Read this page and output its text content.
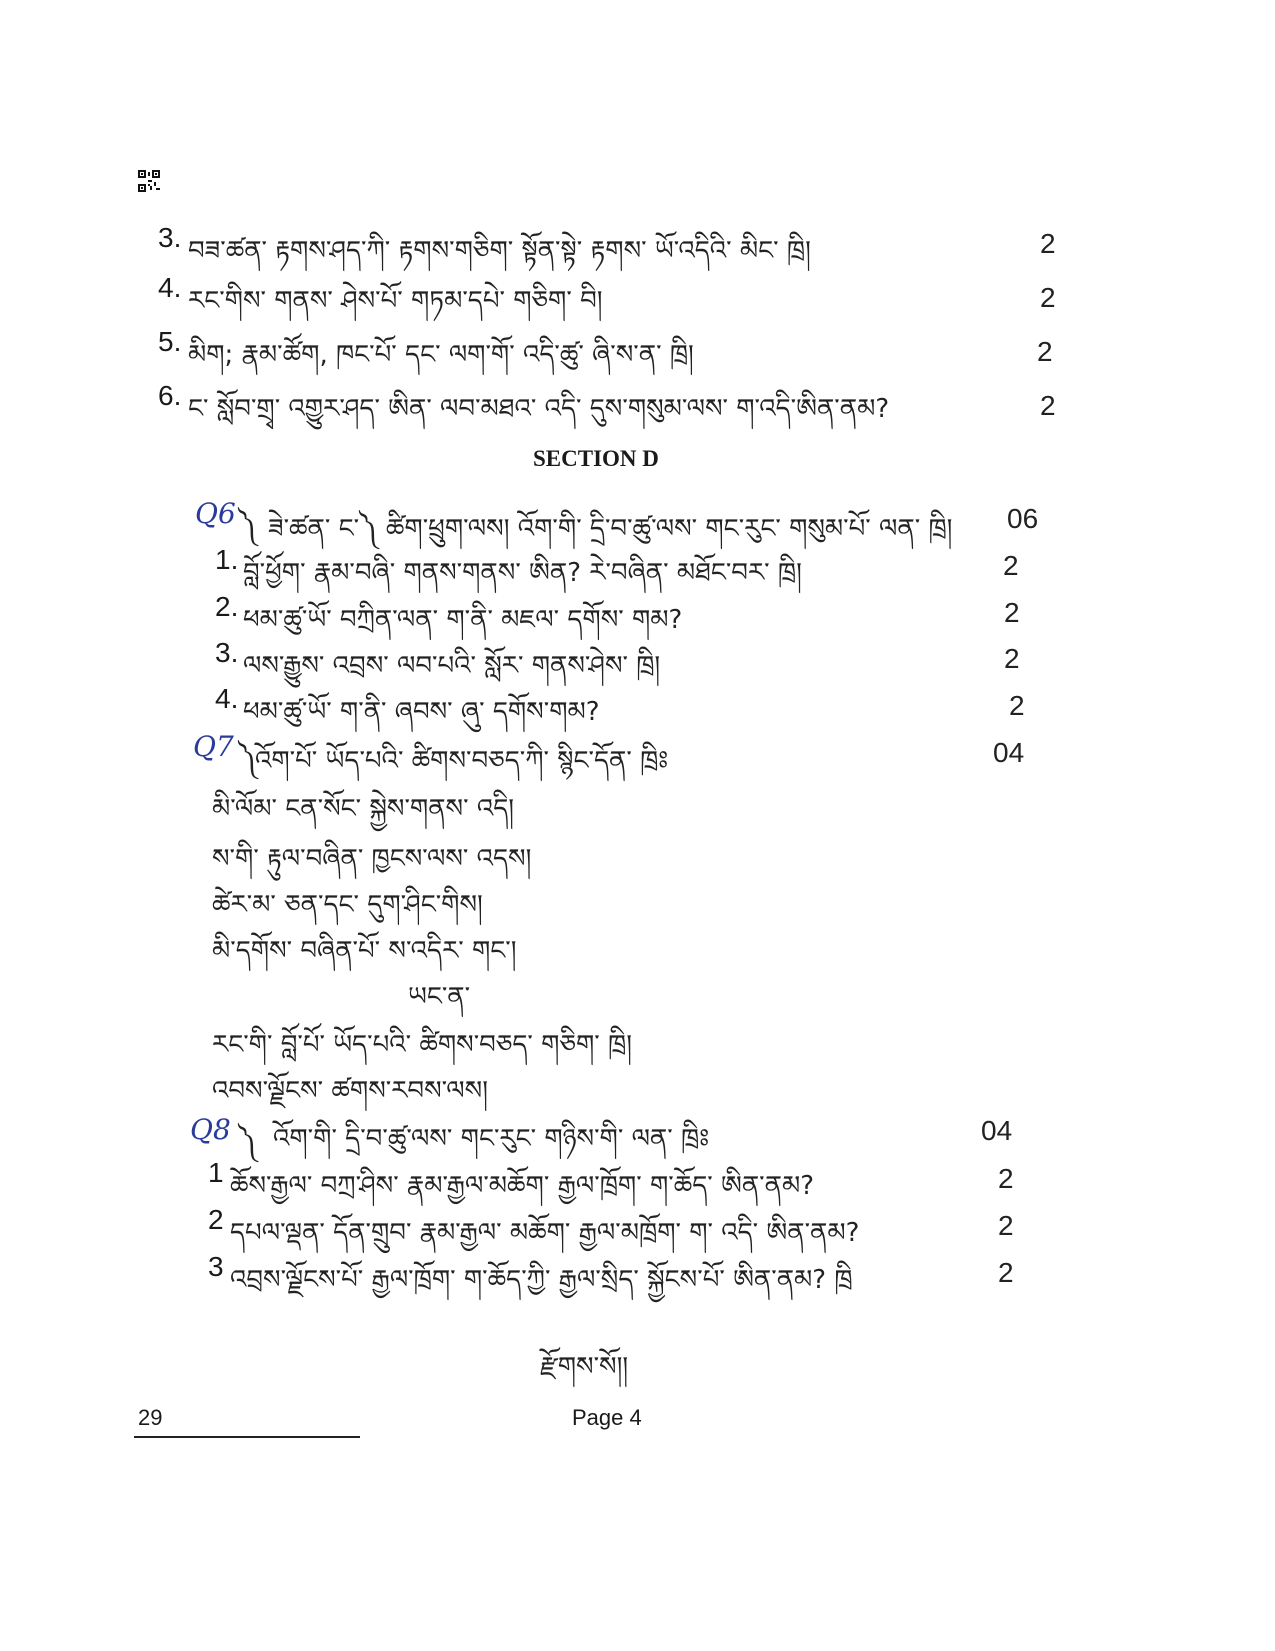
3. བཟ་ཚན་ རྟགས་ཤད་ཀི་ རྟགས་གཅིག་ སྟོན་སྟེ་ རྟགས་ ཡོ་འདིའི་ མིང་ ཁྲི།	2
4. རང་གིས་ གནས་ ཤེས་པོ་ གཏམ་དཔེ་ གཅིག་ བི།	2
5. མིག; རྣམ་ཚོག, ཁང་པོ་ དང་ ལག་གོ་ འདི་ཚུ་ ཞི་ས་ན་ ཁྲི།	2
6. ང་ སློབ་གྲྭ་ འགྱུར་ཤད་ ཨིན་ ལབ་མཐའ་ འདི་ དུས་གསུམ་ལས་ ག་འདི་ཨིན་ནམ?	2
SECTION D
Q6 ༽ ཟེ་ཚན་ ང་༽ ཚིག་ཕྲུག་ལས། འོག་གི་ དྲི་བ་ཚུ་ལས་ གང་རུང་ གསུམ་པོ་ ལན་ ཁྲི། 06
1. བློ་ཕྱོག་ རྣམ་བཞི་ གནས་གནས་ ཨིན? རེ་བཞིན་ མཐོང་བར་ ཁྲི།	2
2. ཕམ་ཚུ་ཡོ་ བཀྲིན་ལན་ ག་ནི་ མཇལ་ དགོས་ གམ?	2
3. ལས་རྒྱུས་ འབྲས་ ལབ་པའི་ སློར་ གནས་ཤེས་ ཁྲི།	2
4. ཕམ་ཚུ་ཡོ་ ག་ནི་ ཞབས་ ཞུ་ དགོས་གམ?	2
Q7 ༽
འོག་པོ་ ཡོད་པའི་ ཚིགས་བཅད་ཀི་ སྙིང་དོན་ ཁྲིཿ	04
མི་ལོམ་ ངན་སོང་ སྐྱེས་གནས་ འདི།
ས་གི་ རྟུལ་བཞིན་ ཁྱངས་ལས་ འདས།
ཚེར་མ་ ཅན་དང་ དུག་ཤིང་གིས།
མི་དགོས་ བཞིན་པོ་ ས་འདིར་ གང་།
ཡང་ན་
རང་གི་ བློ་པོ་ ཡོད་པའི་ ཚིགས་བཅད་ གཅིག་ ཁྲི།
འབས་ལྗོངས་ ཚགས་རབས་ལས།
Q8 ༽ འོག་གི་ དྲི་བ་ཚུ་ལས་ གང་རུང་ གཉིས་གི་ ལན་ ཁྲིཿ	04
1 ཆོས་རྒྱལ་ བཀྲ་ཤིས་ རྣམ་རྒྱལ་མཆོག་ རྒྱལ་ཁྲོག་ ག་ཆོད་ ཨིན་ནམ?	2
2 དཔལ་ལྡན་ དོན་གྲུབ་ རྣམ་རྒྱལ་ མཆོག་ རྒྱལ་མཁྲོག་ ག་ འདི་ ཨིན་ནམ?	2
3 འབྲས་ལྗོངས་པོ་ རྒྱལ་ཁྲོག་ ག་ཆོད་ཀྱི་ རྒྱལ་སྲིད་ སྐྱོངས་པོ་ ཨིན་ནམ? ཁྲི	2
རྫོགས་སོ།།
29	Page 4
